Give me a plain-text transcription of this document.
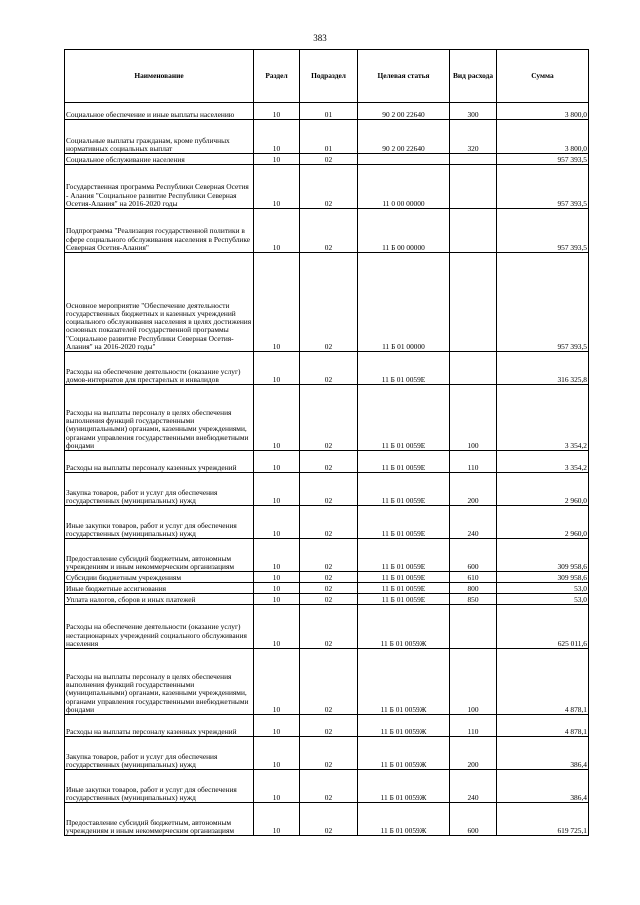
383
Наименование	Раздел	Подраздел	Целевая статья	Вид расхода	Сумма
Социальное обеспечение и иные выплаты населению	10	01	90 2 00 22640	300	3 800,0
Социальные выплаты гражданам, кроме публичных нормативных социальных выплат	10	01	90 2 00 22640	320	3 800,0
Социальное обслуживание населения	10	02			957 393,5
Государственная программа Республики Северная Осетия - Алания "Социальное развитие Республики Северная Осетия-Алания" на 2016-2020 годы	10	02	11 0 00 00000		957 393,5
Подпрограмма "Реализация государственной политики в сфере социального обслуживания населения в Республике Северная Осетия-Алания"	10	02	11 Б 00 00000		957 393,5
Основное мероприятие "Обеспечение деятельности государственных бюджетных и казенных учреждений социального обслуживания населения в целях достижения основных показателей государственной программы "Социальное развитие Республики Северная Осетия-Алания" на 2016-2020 годы"	10	02	11 Б 01 00000		957 393,5
Расходы на обеспечение деятельности (оказание услуг) домов-интернатов для престарелых и инвалидов	10	02	11 Б 01 0059Е		316 325,8
Расходы на выплаты персоналу в целях обеспечения выполнения функций государственными (муниципальными) органами, казенными учреждениями, органами управления государственными внебюджетными фондами	10	02	11 Б 01 0059Е	100	3 354,2
Расходы на выплаты персоналу казенных учреждений	10	02	11 Б 01 0059Е	110	3 354,2
Закупка товаров, работ и услуг для обеспечения государственных (муниципальных) нужд	10	02	11 Б 01 0059Е	200	2 960,0
Иные закупки товаров, работ и услуг для обеспечения государственных (муниципальных) нужд	10	02	11 Б 01 0059Е	240	2 960,0
Предоставление субсидий бюджетным, автономным учреждениям и иным некоммерческим организациям	10	02	11 Б 01 0059Е	600	309 958,6
Субсидии бюджетным учреждениям	10	02	11 Б 01 0059Е	610	309 958,6
Иные бюджетные ассигнования	10	02	11 Б 01 0059Е	800	53,0
Уплата налогов, сборов и иных платежей	10	02	11 Б 01 0059Е	850	53,0
Расходы на обеспечение деятельности (оказание услуг) нестационарных учреждений социального обслуживания населения	10	02	11 Б 01 0059Ж		625 011,6
Расходы на выплаты персоналу в целях обеспечения выполнения функций государственными (муниципальными) органами, казенными учреждениями, органами управления государственными внебюджетными фондами	10	02	11 Б 01 0059Ж	100	4 878,1
Расходы на выплаты персоналу казенных учреждений	10	02	11 Б 01 0059Ж	110	4 878,1
Закупка товаров, работ и услуг для обеспечения государственных (муниципальных) нужд	10	02	11 Б 01 0059Ж	200	386,4
Иные закупки товаров, работ и услуг для обеспечения государственных (муниципальных) нужд	10	02	11 Б 01 0059Ж	240	386,4
Предоставление субсидий бюджетным, автономным учреждениям и иным некоммерческим организациям	10	02	11 Б 01 0059Ж	600	619 725,1
